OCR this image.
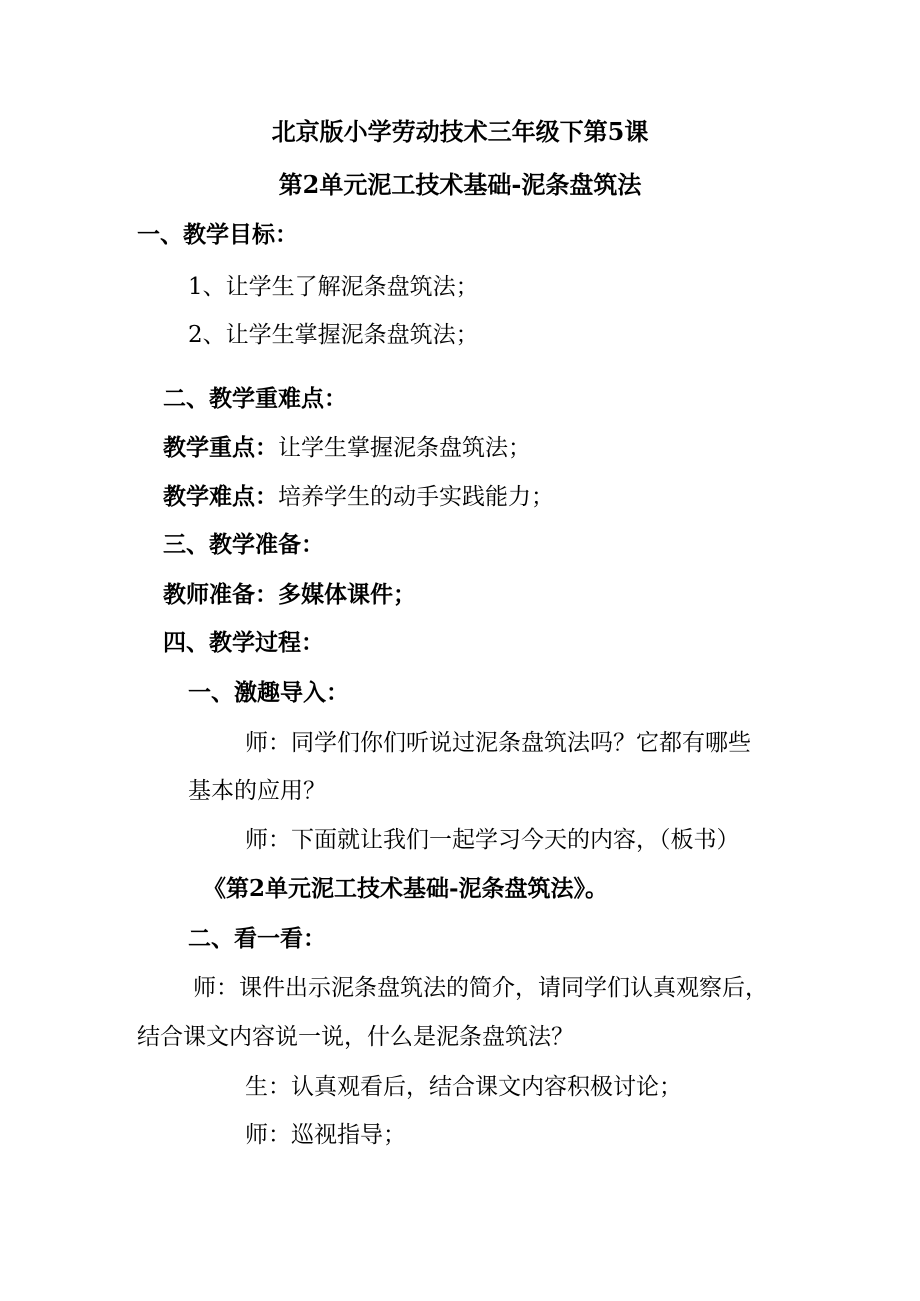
北京版小学劳动技术三年级下第5课

第2单元泥工技术基础-泥条盘筑法

一、教学目标：

1、让学生了解泥条盘筑法；

2、让学生掌握泥条盘筑法；

二、教学重难点：

教学重点：让学生掌握泥条盘筑法；

教学难点：培养学生的动手实践能力；

三、教学准备：

教师准备：多媒体课件；

四、教学过程：

一、激趣导入：

师：同学们你们听说过泥条盘筑法吗？它都有哪些

基本的应用？

师：下面就让我们一起学习今天的内容，（板书）

《第2单元泥工技术基础-泥条盘筑法》。

二、看一看：

师：课件出示泥条盘筑法的简介，请同学们认真观察后，

结合课文内容说一说，什么是泥条盘筑法？

生：认真观看后，结合课文内容积极讨论；

师：巡视指导；
